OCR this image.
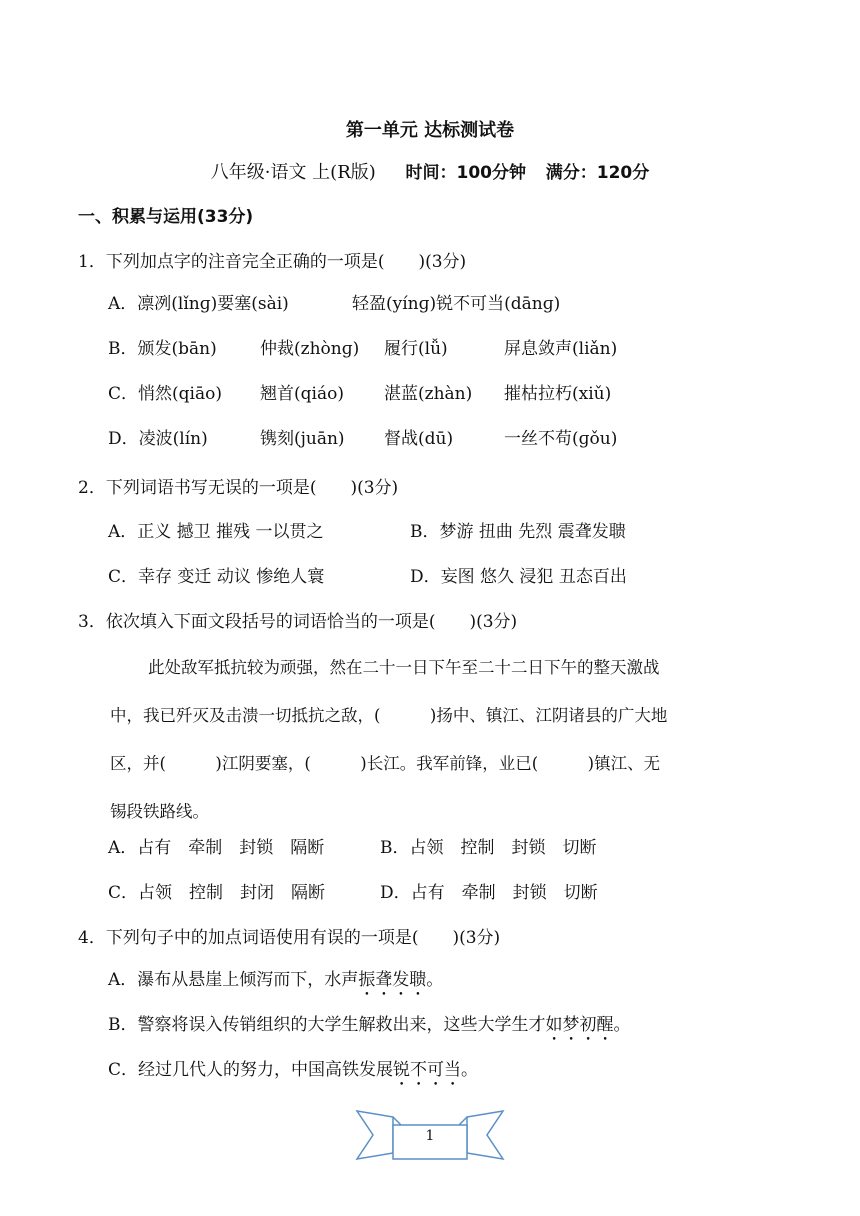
第一单元 达标测试卷
八年级·语文 上(R版) 时间：100分钟 满分：120分
一、积累与运用(33分)
1．下列加点字的注音完全正确的一项是(　　)(3分)
A．凛冽(lǐnɡ)要塞(sài)	轻盈(yínɡ)锐不可当(dānɡ)
B．颁发(bān)	仲裁(zhònɡ) 履行(lǚ)	屏息敛声(liǎn)
C．悄然(qiāo) 翘首(qiáo) 湛蓝(zhàn) 摧枯拉朽(xiǔ)
D．凌波(lín)	镌刻(juān) 督战(dū)	一丝不苟(ɡǒu)
2．下列词语书写无误的一项是(　　)(3分)
A．正义 撼卫 摧残 一以贯之	B．梦游 扭曲 先烈 震聋发聩
C．幸存 变迁 动议 惨绝人寰	D．妄图 悠久 浸犯 丑态百出
3．依次填入下面文段括号的词语恰当的一项是(　　)(3分)
此处敌军抵抗较为顽强，然在二十一日下午至二十二日下午的整天激战
中，我已歼灭及击溃一切抵抗之敌，(　　　)扬中、镇江、江阴诸县的广大地
区，并(　　　)江阴要塞，(　　　)长江。我军前锋，业已(　　　)镇江、无
锡段铁路线。
A．占有　牵制　封锁　隔断	B．占领　控制　封锁　切断
C．占领　控制　封闭　隔断	D．占有　牵制　封锁　切断
4．下列句子中的加点词语使用有误的一项是(　　)(3分)
A．瀑布从悬崖上倾泻而下，水声振聋发聩。
B．警察将误入传销组织的大学生解救出来，这些大学生才如梦初醒。
C．经过几代人的努力，中国高铁发展锐不可当。
1
